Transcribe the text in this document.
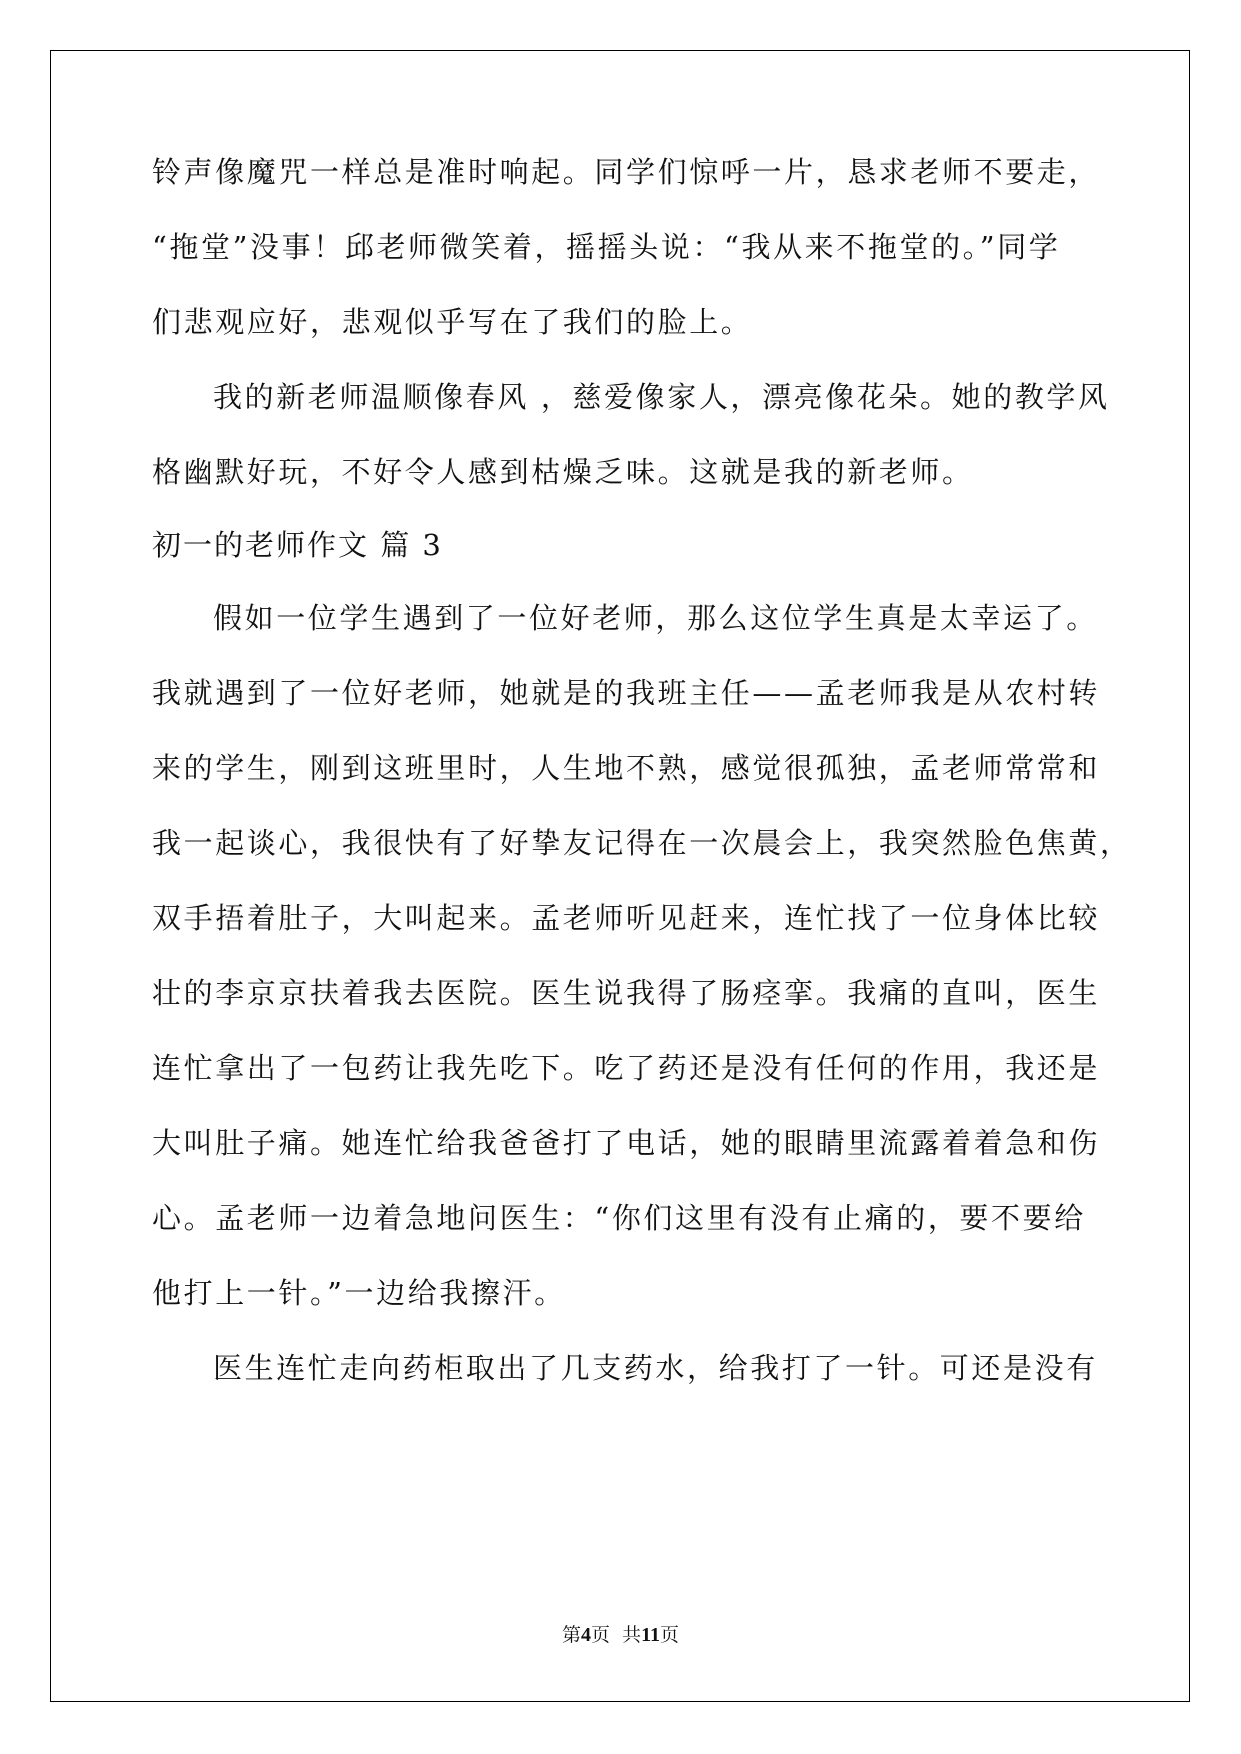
铃声像魔咒一样总是准时响起。同学们惊呼一片，恳求老师不要走，

“拖堂”没事！邱老师微笑着，摇摇头说：“我从来不拖堂的。”同学

们悲观应好，悲观似乎写在了我们的脸上。

我的新老师温顺像春风 ，慈爱像家人，漂亮像花朵。她的教学风

格幽默好玩，不好令人感到枯燥乏味。这就是我的新老师。

初一的老师作文 篇 3

假如一位学生遇到了一位好老师，那么这位学生真是太幸运了。

我就遇到了一位好老师，她就是的我班主任——孟老师我是从农村转

来的学生，刚到这班里时，人生地不熟，感觉很孤独，孟老师常常和

我一起谈心，我很快有了好挚友记得在一次晨会上，我突然脸色焦黄，

双手捂着肚子，大叫起来。孟老师听见赶来，连忙找了一位身体比较

壮的李京京扶着我去医院。医生说我得了肠痉挛。我痛的直叫，医生

连忙拿出了一包药让我先吃下。吃了药还是没有任何的作用，我还是

大叫肚子痛。她连忙给我爸爸打了电话，她的眼睛里流露着着急和伤

心。孟老师一边着急地问医生：“你们这里有没有止痛的，要不要给

他打上一针。”一边给我擦汗。

医生连忙走向药柜取出了几支药水，给我打了一针。可还是没有

第4页  共11页
